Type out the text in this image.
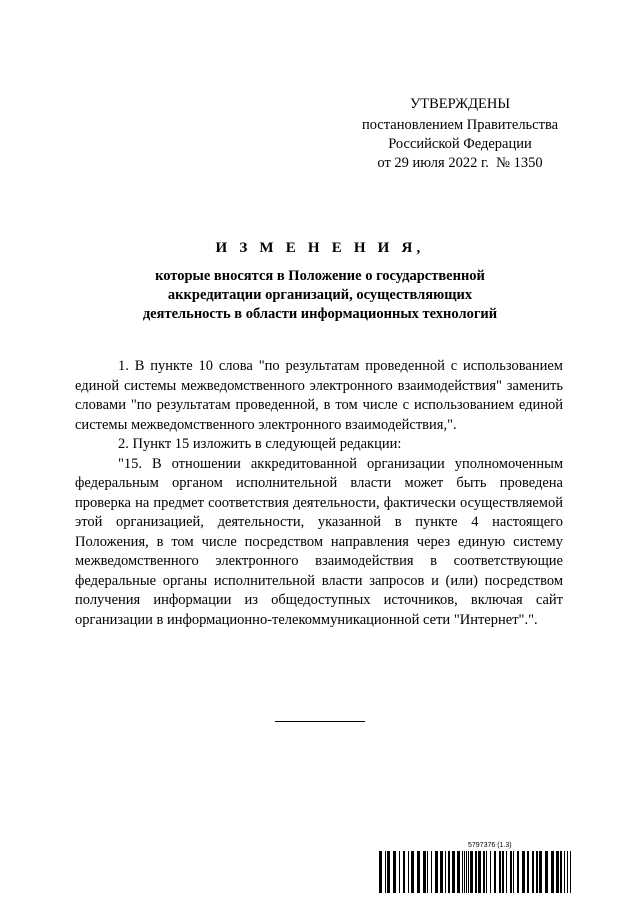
УТВЕРЖДЕНЫ
постановлением Правительства
Российской Федерации
от 29 июля 2022 г.  № 1350
И З М Е Н Е Н И Я,
которые вносятся в Положение о государственной
аккредитации организаций, осуществляющих
деятельность в области информационных технологий

1. В пункте 10 слова "по результатам проведенной с использованием единой системы межведомственного электронного взаимодействия" заменить словами "по результатам проведенной, в том числе с использованием единой системы межведомственного электронного взаимодействия,".

2. Пункт 15 изложить в следующей редакции:

"15. В отношении аккредитованной организации уполномоченным федеральным органом исполнительной власти может быть проведена проверка на предмет соответствия деятельности, фактически осуществляемой этой организацией, деятельности, указанной в пункте 4 настоящего Положения, в том числе посредством направления через единую систему межведомственного электронного взаимодействия в соответствующие федеральные органы исполнительной власти запросов и (или) посредством получения информации из общедоступных источников, включая сайт организации в информационно-телекоммуникационной сети "Интернет".".

5797376 (1.3)
